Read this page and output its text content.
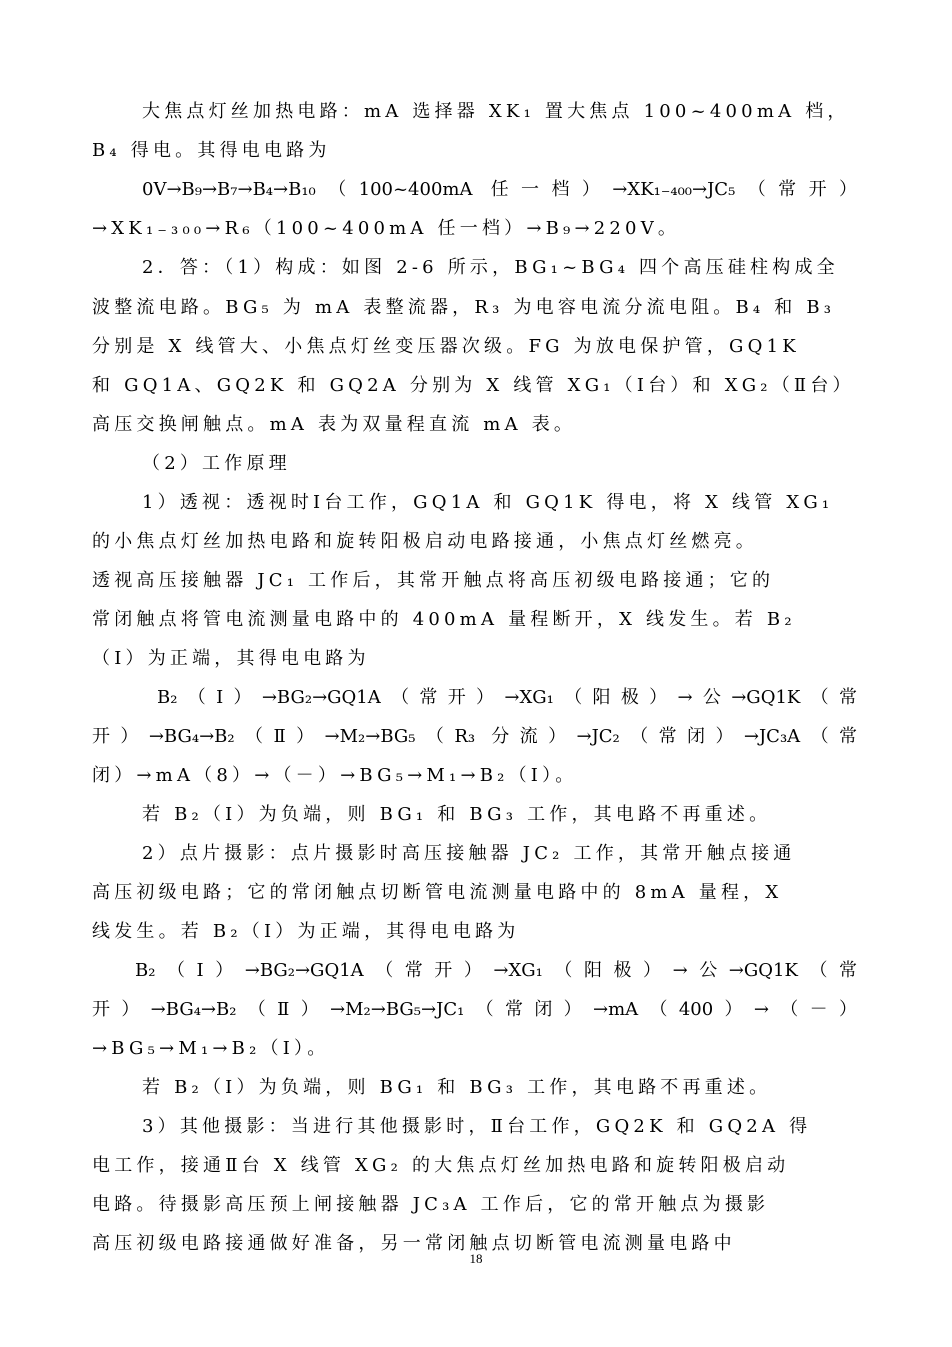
大焦点灯丝加热电路：mA 选择器 XK₁ 置大焦点 100~400mA 档，
B₄ 得电。其得电电路为
0V→B₉→B₇→B₄→B₁₀（100~400mA 任一档）→XK₁₋₄₀₀→JC₅（常开）
→XK₁₋₃₀₀→R₆（100~400mA 任一档）→B₉→220V。
2．答：（1）构成：如图 2-6 所示，BG₁~BG₄ 四个高压硅柱构成全
波整流电路。BG₅ 为 mA 表整流器，R₃ 为电容电流分流电阻。B₄ 和 B₃
分别是 X 线管大、小焦点灯丝变压器次级。FG 为放电保护管，GQ1K
和 GQ1A、GQ2K 和 GQ2A 分别为 X 线管 XG₁（Ⅰ台）和 XG₂（Ⅱ台）
高压交换闸触点。mA 表为双量程直流 mA 表。
（2）工作原理
1）透视：透视时Ⅰ台工作，GQ1A 和 GQ1K 得电，将 X 线管 XG₁
的小焦点灯丝加热电路和旋转阳极启动电路接通，小焦点灯丝燃亮。
透视高压接触器 JC₁ 工作后，其常开触点将高压初级电路接通；它的
常闭触点将管电流测量电路中的 400mA 量程断开，X 线发生。若 B₂
（Ⅰ）为正端，其得电电路为
B₂（Ⅰ）→BG₂→GQ1A（常开）→XG₁（阳极）→公→GQ1K（常
开）→BG₄→B₂（Ⅱ）→M₂→BG₅（R₃ 分流）→JC₂（常闭）→JC₃A（常
闭）→mA（8）→（－）→BG₅→M₁→B₂（Ⅰ）。
若 B₂（Ⅰ）为负端，则 BG₁ 和 BG₃ 工作，其电路不再重述。
2）点片摄影：点片摄影时高压接触器 JC₂ 工作，其常开触点接通
高压初级电路；它的常闭触点切断管电流测量电路中的 8mA 量程，X
线发生。若 B₂（I）为正端，其得电电路为
B₂（Ⅰ）→BG₂→GQ1A（常开）→XG₁（阳极）→公→GQ1K（常
开）→BG₄→B₂（Ⅱ）→M₂→BG₅→JC₁（常闭）→mA（400）→（－）
→BG₅→M₁→B₂（Ⅰ）。
若 B₂（Ⅰ）为负端，则 BG₁ 和 BG₃ 工作，其电路不再重述。
3）其他摄影：当进行其他摄影时，Ⅱ台工作，GQ2K 和 GQ2A 得
电工作，接通Ⅱ台 X 线管 XG₂ 的大焦点灯丝加热电路和旋转阳极启动
电路。待摄影高压预上闸接触器 JC₃A 工作后，它的常开触点为摄影
高压初级电路接通做好准备，另一常闭触点切断管电流测量电路中
18
